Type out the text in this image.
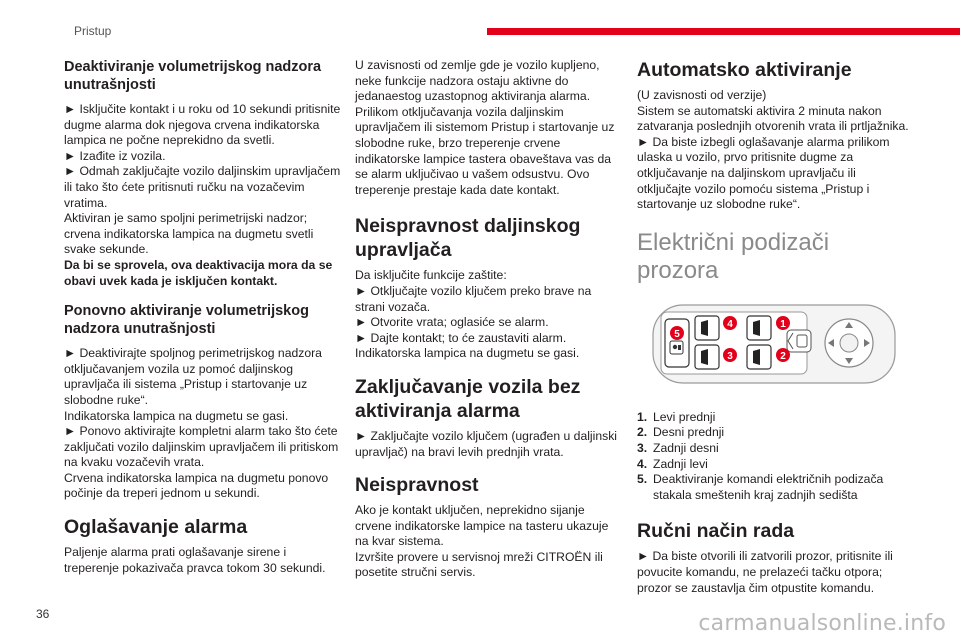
Pristup
Deaktiviranje volumetrijskog nadzora unutrašnjosti

► Isključite kontakt i u roku od 10 sekundi pritisnite dugme alarma dok njegova crvena indikatorska lampica ne počne neprekidno da svetli.

► Izađite iz vozila.

► Odmah zaključajte vozilo daljinskim upravljačem ili tako što ćete pritisnuti ručku na vozačevim vratima.

Aktiviran je samo spoljni perimetrijski nadzor; crvena indikatorska lampica na dugmetu svetli svake sekunde.

Da bi se sprovela, ova deaktivacija mora da se obavi uvek kada je isključen kontakt.

Ponovno aktiviranje volumetrijskog nadzora unutrašnjosti

► Deaktivirajte spoljnog perimetrijskog nadzora otključavanjem vozila uz pomoć daljinskog upravljača ili sistema „Pristup i startovanje uz slobodne ruke“.

Indikatorska lampica na dugmetu se gasi.

► Ponovo aktivirajte kompletni alarm tako što ćete zaključati vozilo daljinskim upravljačem ili pritiskom na kvaku vozačevih vrata.

Crvena indikatorska lampica na dugmetu ponovo počinje da treperi jednom u sekundi.

Oglašavanje alarma

Paljenje alarma prati oglašavanje sirene i treperenje pokazivača pravca tokom 30 sekundi.

U zavisnosti od zemlje gde je vozilo kupljeno, neke funkcije nadzora ostaju aktivne do jedanaestog uzastopnog aktiviranja alarma. Prilikom otključavanja vozila daljinskim upravljačem ili sistemom Pristup i startovanje uz slobodne ruke, brzo treperenje crvene indikatorske lampice tastera obaveštava vas da se alarm uključivao u vašem odsustvu. Ovo treperenje prestaje kada date kontakt.

Neispravnost daljinskog upravljača

Da isključite funkcije zaštite:

► Otključajte vozilo ključem preko brave na strani vozača.

► Otvorite vrata; oglasiće se alarm.

► Dajte kontakt; to će zaustaviti alarm.

Indikatorska lampica na dugmetu se gasi.

Zaključavanje vozila bez aktiviranja alarma

► Zaključajte vozilo ključem (ugrađen u daljinski upravljač) na bravi levih prednjih vrata.

Neispravnost

Ako je kontakt uključen, neprekidno sijanje crvene indikatorske lampice na tasteru ukazuje na kvar sistema.

Izvršite provere u servisnoj mreži CITROËN ili posetite stručni servis.

Automatsko aktiviranje

(U zavisnosti od verzije)

Sistem se automatski aktivira 2 minuta nakon zatvaranja poslednjih otvorenih vrata ili prtljažnika.

► Da biste izbegli oglašavanje alarma prilikom ulaska u vozilo, prvo pritisnite dugme za otključavanje na daljinskom upravljaču ili otključajte vozilo pomoću sistema „Pristup i startovanje uz slobodne ruke“.

Električni podizači prozora
1
2
3
4
5
1. Levi prednji
2. Desni prednji
3. Zadnji desni
4. Zadnji levi
5. Deaktiviranje komandi električnih podizača stakala smeštenih kraj zadnjih sedišta
Ručni način rada

► Da biste otvorili ili zatvorili prozor, pritisnite ili povucite komandu, ne prelazeći tačku otpora; prozor se zaustavlja čim otpustite komandu.

36	carmanualsonline.info
